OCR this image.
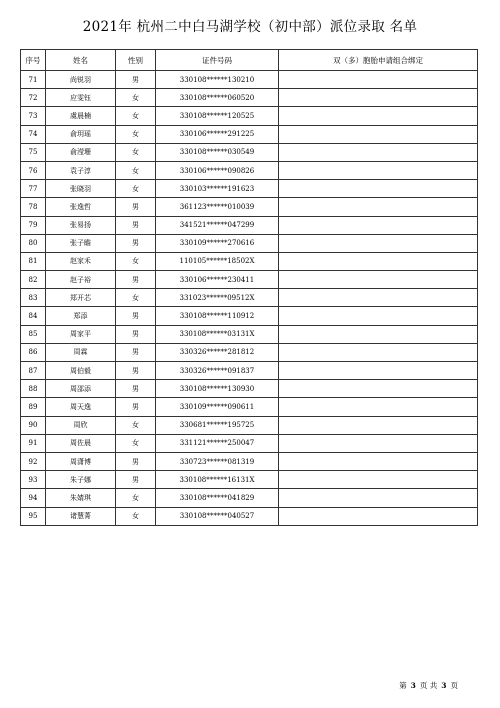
2021年 杭州二中白马湖学校（初中部）派位录取 名单
序号	姓名	性别	证件号码	双（多）胞胎申请组合绑定
71	尚锐羽	男	330108******130210	
72	应雯钰	女	330108******060520	
73	虞晨楠	女	330108******120525	
74	俞玥瑶	女	330106******291225	
75	俞滢珊	女	330108******030549	
76	袁子淳	女	330106******090826	
77	张晓羽	女	330103******191623	
78	张逸哲	男	361123******010039	
79	张易扬	男	341521******047299	
80	张子瞻	男	330109******270616	
81	赵家禾	女	110105******18502X	
82	赵子裕	男	330106******230411	
83	郑开芯	女	331023******09512X	
84	郑添	男	330108******110912	
85	周家平	男	330108******03131X	
86	周霖	男	330326******281812	
87	周伯毅	男	330326******091837	
88	周邵添	男	330108******130930	
89	周天逸	男	330109******090611	
90	周欣	女	330681******195725	
91	周佐晨	女	331121******250047	
92	周潇博	男	330723******081319	
93	朱子娜	男	330108******16131X	
94	朱婧琪	女	330108******041829	
95	诸慧菁	女	330108******040527	
第 3 页 共 3 页
